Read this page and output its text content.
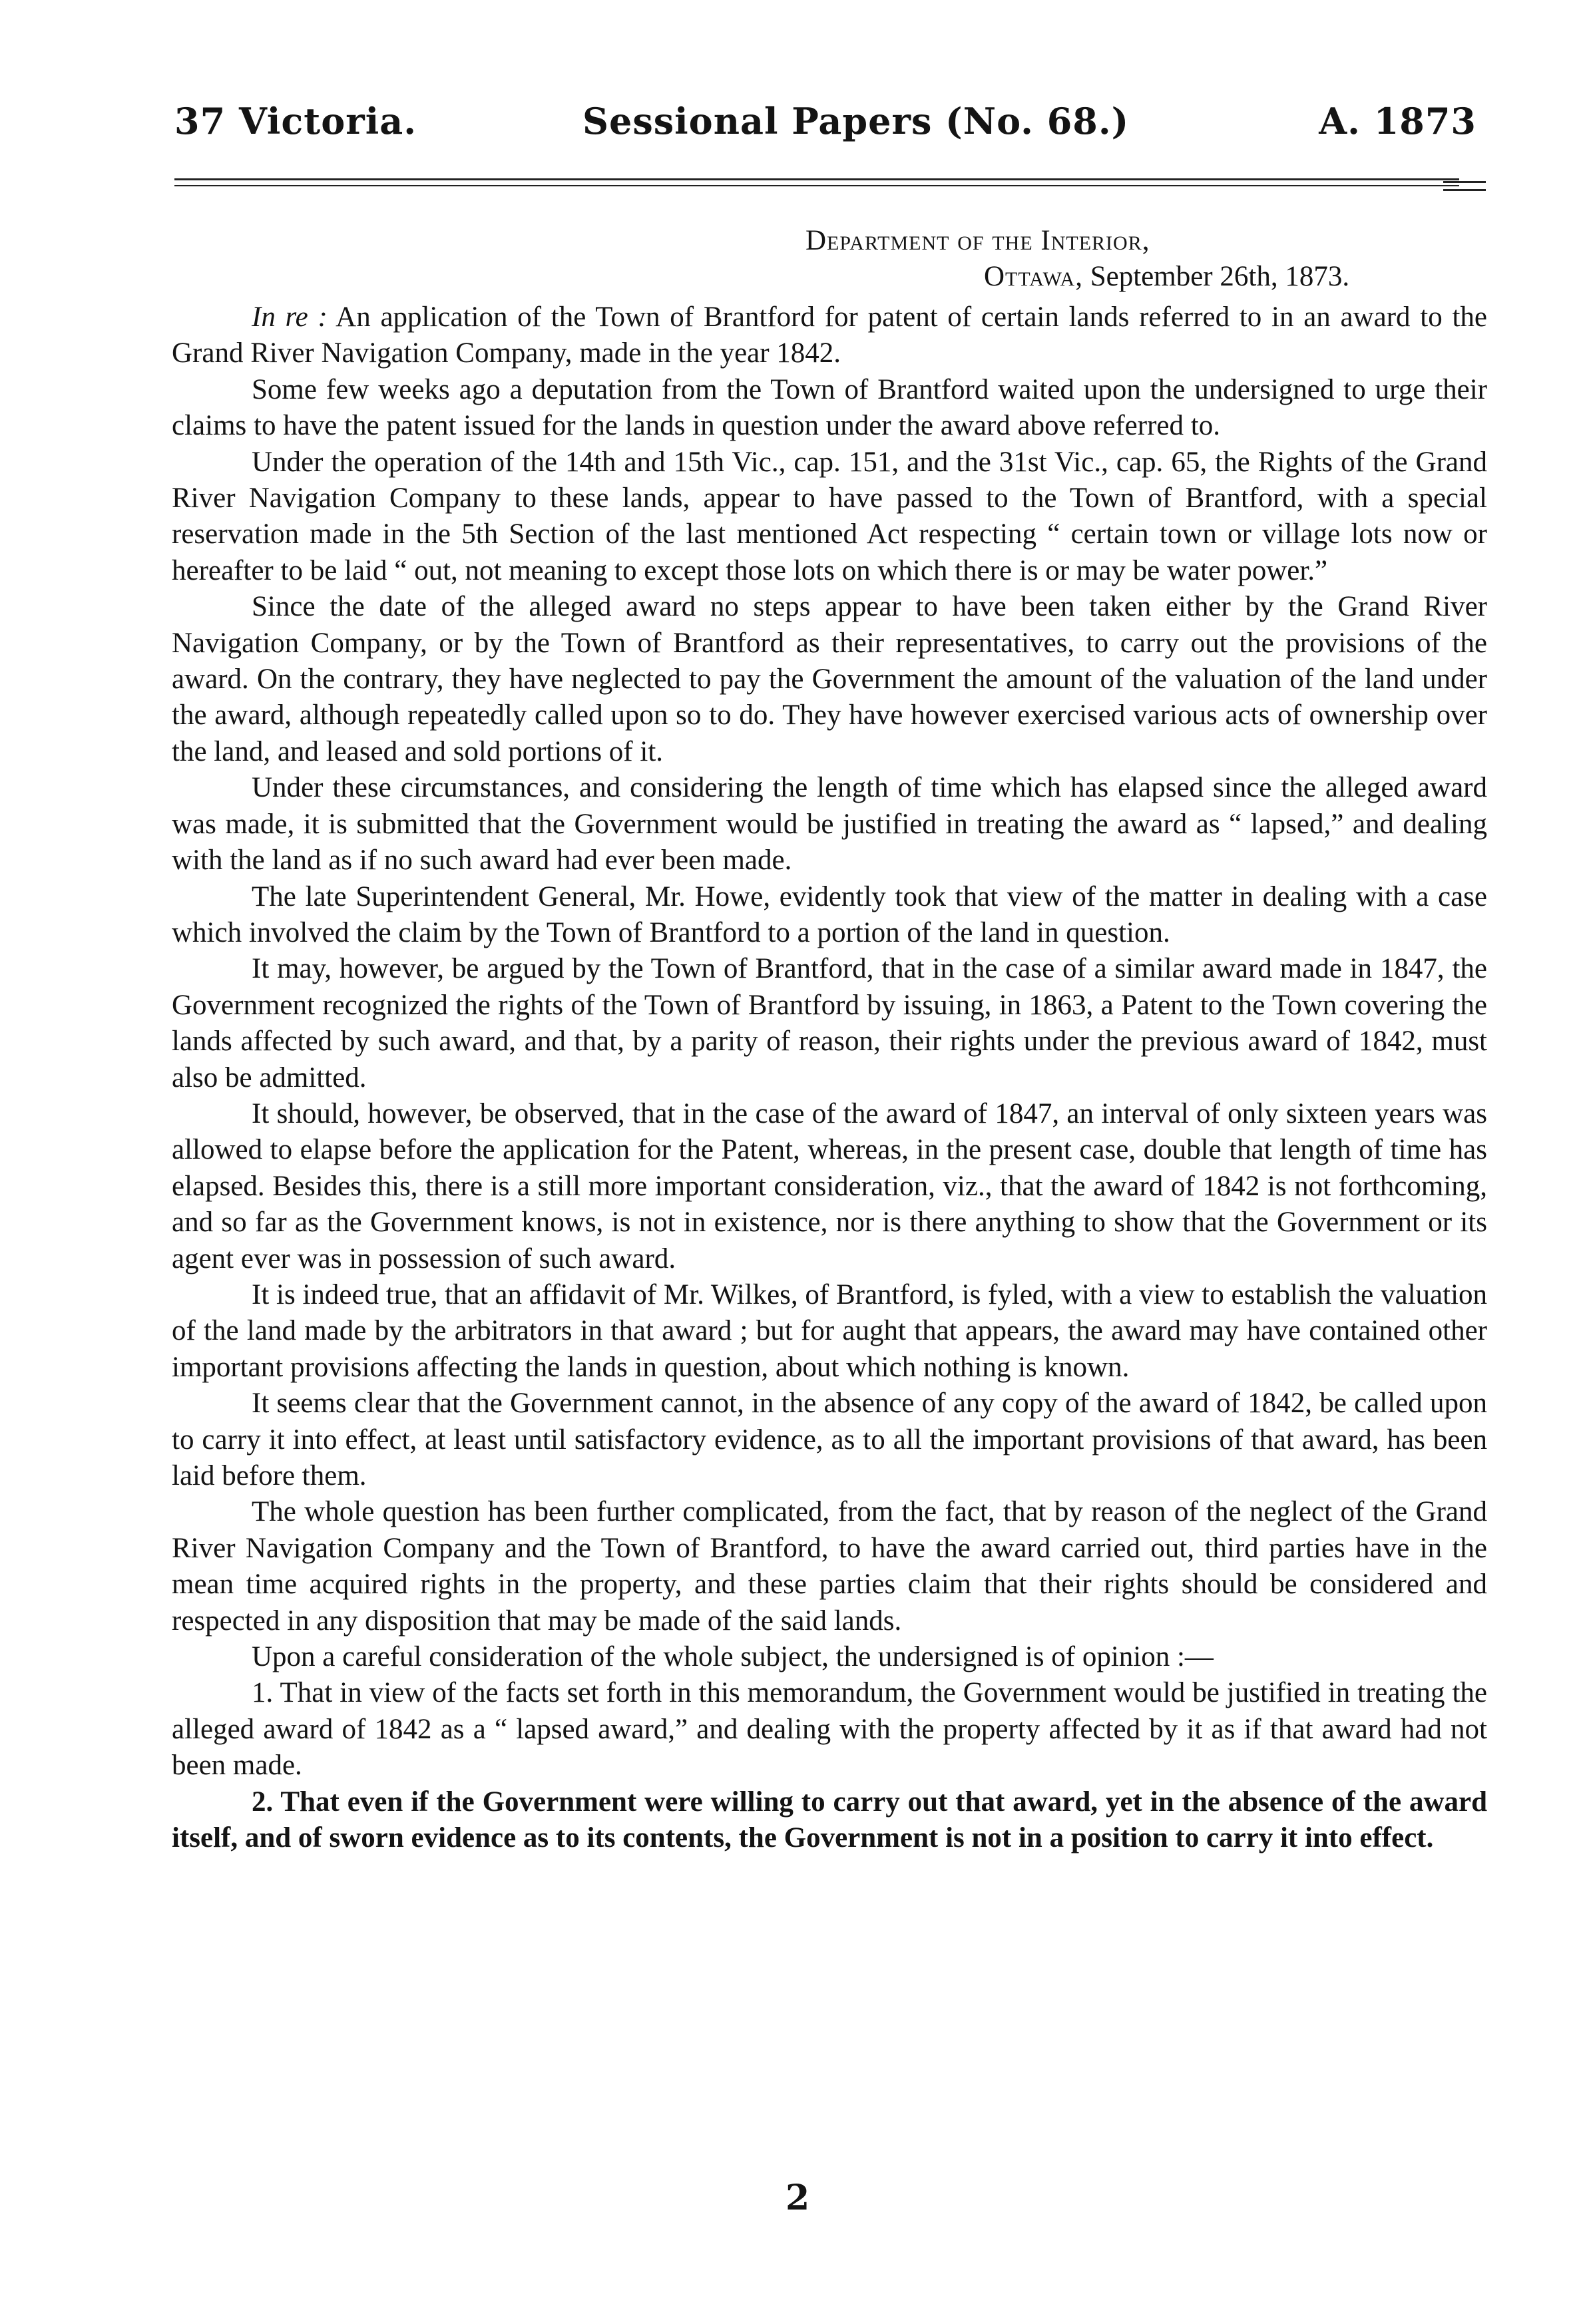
37 Victoria.	Sessional Papers (No. 68.)	A. 1873
Department of the Interior,
Ottawa, September 26th, 1873.

In re : An application of the Town of Brantford for patent of certain lands referred to in an award to the Grand River Navigation Company, made in the year 1842.

Some few weeks ago a deputation from the Town of Brantford waited upon the undersigned to urge their claims to have the patent issued for the lands in question under the award above referred to.

Under the operation of the 14th and 15th Vic., cap. 151, and the 31st Vic., cap. 65, the Rights of the Grand River Navigation Company to these lands, appear to have passed to the Town of Brantford, with a special reservation made in the 5th Section of the last mentioned Act respecting “ certain town or village lots now or hereafter to be laid “ out, not meaning to except those lots on which there is or may be water power.”

Since the date of the alleged award no steps appear to have been taken either by the Grand River Navigation Company, or by the Town of Brantford as their representatives, to carry out the provisions of the award. On the contrary, they have neglected to pay the Government the amount of the valuation of the land under the award, although repeatedly called upon so to do. They have however exercised various acts of ownership over the land, and leased and sold portions of it.

Under these circumstances, and considering the length of time which has elapsed since the alleged award was made, it is submitted that the Government would be justified in treating the award as “ lapsed,” and dealing with the land as if no such award had ever been made.

The late Superintendent General, Mr. Howe, evidently took that view of the matter in dealing with a case which involved the claim by the Town of Brantford to a portion of the land in question.

It may, however, be argued by the Town of Brantford, that in the case of a similar award made in 1847, the Government recognized the rights of the Town of Brantford by issuing, in 1863, a Patent to the Town covering the lands affected by such award, and that, by a parity of reason, their rights under the previous award of 1842, must also be admitted.

It should, however, be observed, that in the case of the award of 1847, an interval of only sixteen years was allowed to elapse before the application for the Patent, whereas, in the present case, double that length of time has elapsed. Besides this, there is a still more important consideration, viz., that the award of 1842 is not forthcoming, and so far as the Government knows, is not in existence, nor is there anything to show that the Government or its agent ever was in possession of such award.

It is indeed true, that an affidavit of Mr. Wilkes, of Brantford, is fyled, with a view to establish the valuation of the land made by the arbitrators in that award ; but for aught that appears, the award may have contained other important provisions affecting the lands in question, about which nothing is known.

It seems clear that the Government cannot, in the absence of any copy of the award of 1842, be called upon to carry it into effect, at least until satisfactory evidence, as to all the important provisions of that award, has been laid before them.

The whole question has been further complicated, from the fact, that by reason of the neglect of the Grand River Navigation Company and the Town of Brantford, to have the award carried out, third parties have in the mean time acquired rights in the property, and these parties claim that their rights should be considered and respected in any disposition that may be made of the said lands.

Upon a careful consideration of the whole subject, the undersigned is of opinion :—

1. That in view of the facts set forth in this memorandum, the Government would be justified in treating the alleged award of 1842 as a “ lapsed award,” and dealing with the property affected by it as if that award had not been made.

2. That even if the Government were willing to carry out that award, yet in the absence of the award itself, and of sworn evidence as to its contents, the Government is not in a position to carry it into effect.

2
